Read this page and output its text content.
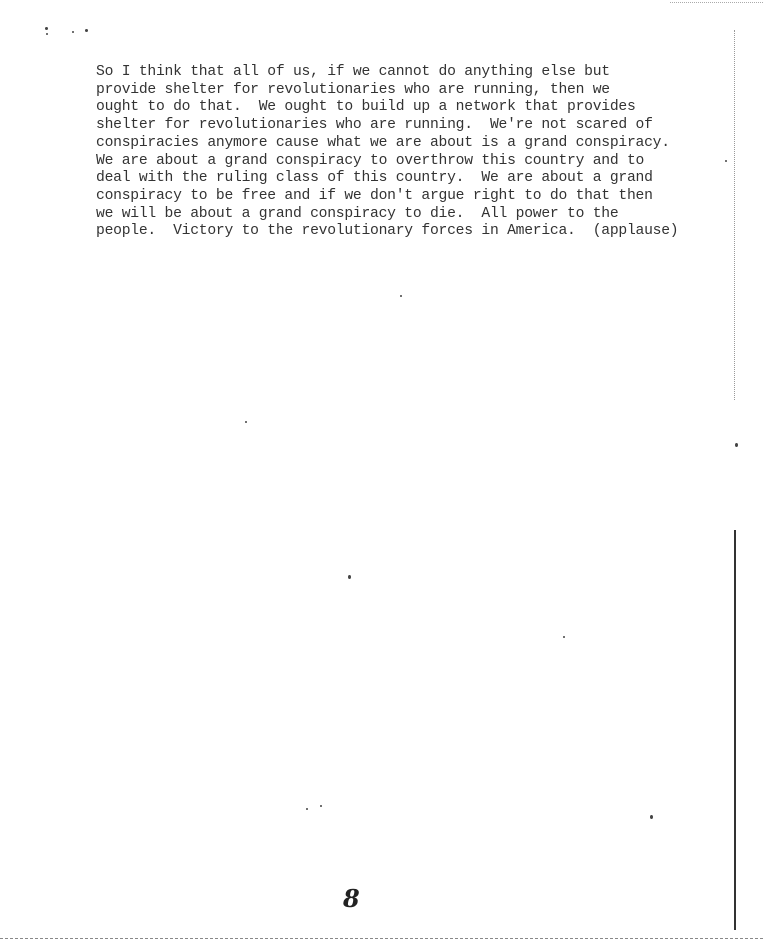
So I think that all of us, if we cannot do anything else but
provide shelter for revolutionaries who are running, then we
ought to do that.  We ought to build up a network that provides
shelter for revolutionaries who are running.  We're not scared of
conspiracies anymore cause what we are about is a grand conspiracy.
We are about a grand conspiracy to overthrow this country and to
deal with the ruling class of this country.  We are about a grand
conspiracy to be free and if we don't argue right to do that then
we will be about a grand conspiracy to die.  All power to the
people.  Victory to the revolutionary forces in America.  (applause)

8
